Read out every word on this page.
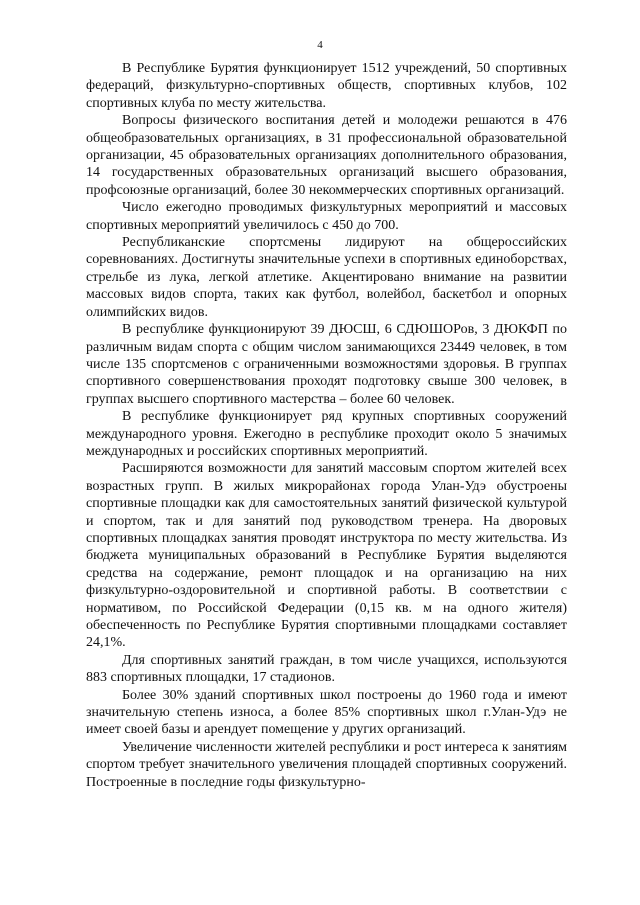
4

В Республике Бурятия функционирует 1512 учреждений, 50 спортивных федераций, физкультурно-спортивных обществ, спортивных клубов, 102 спортивных клуба по месту жительства.

Вопросы физического воспитания детей и молодежи решаются в 476 общеобразовательных организациях, в 31 профессиональной образовательной организации, 45 образовательных организациях дополнительного образования, 14 государственных образовательных организаций высшего образования, профсоюзные организаций, более 30 некоммерческих спортивных организаций.

Число ежегодно проводимых физкультурных мероприятий и массовых спортивных мероприятий увеличилось с 450 до 700.

Республиканские спортсмены лидируют на общероссийских соревнованиях. Достигнуты значительные успехи в спортивных единоборствах, стрельбе из лука, легкой атлетике. Акцентировано внимание на развитии массовых видов спорта, таких как футбол, волейбол, баскетбол и опорных олимпийских видов.

В республике функционируют 39 ДЮСШ, 6 СДЮШОРов, 3 ДЮКФП по различным видам спорта с общим числом занимающихся 23449 человек, в том числе 135 спортсменов с ограниченными возможностями здоровья. В группах спортивного совершенствования проходят подготовку свыше 300 человек, в группах высшего спортивного мастерства – более 60 человек.

В республике функционирует ряд крупных спортивных сооружений международного уровня. Ежегодно в республике проходит около 5 значимых международных и российских спортивных мероприятий.

Расширяются возможности для занятий массовым спортом жителей всех возрастных групп. В жилых микрорайонах города Улан-Удэ обустроены спортивные площадки как для самостоятельных занятий физической культурой и спортом, так и для занятий под руководством тренера. На дворовых спортивных площадках занятия проводят инструктора по месту жительства. Из бюджета муниципальных образований в Республике Бурятия выделяются средства на содержание, ремонт площадок и на организацию на них физкультурно-оздоровительной и спортивной работы. В соответствии с нормативом, по Российской Федерации (0,15 кв. м на одного жителя) обеспеченность по Республике Бурятия спортивными площадками составляет 24,1%.

Для спортивных занятий граждан, в том числе учащихся, используются 883 спортивных площадки, 17 стадионов.

Более 30% зданий спортивных школ построены до 1960 года и имеют значительную степень износа, а более 85% спортивных школ г.Улан-Удэ не имеет своей базы и арендует помещение у других организаций.

Увеличение численности жителей республики и рост интереса к занятиям спортом требует значительного увеличения площадей спортивных сооружений. Построенные в последние годы физкультурно-
